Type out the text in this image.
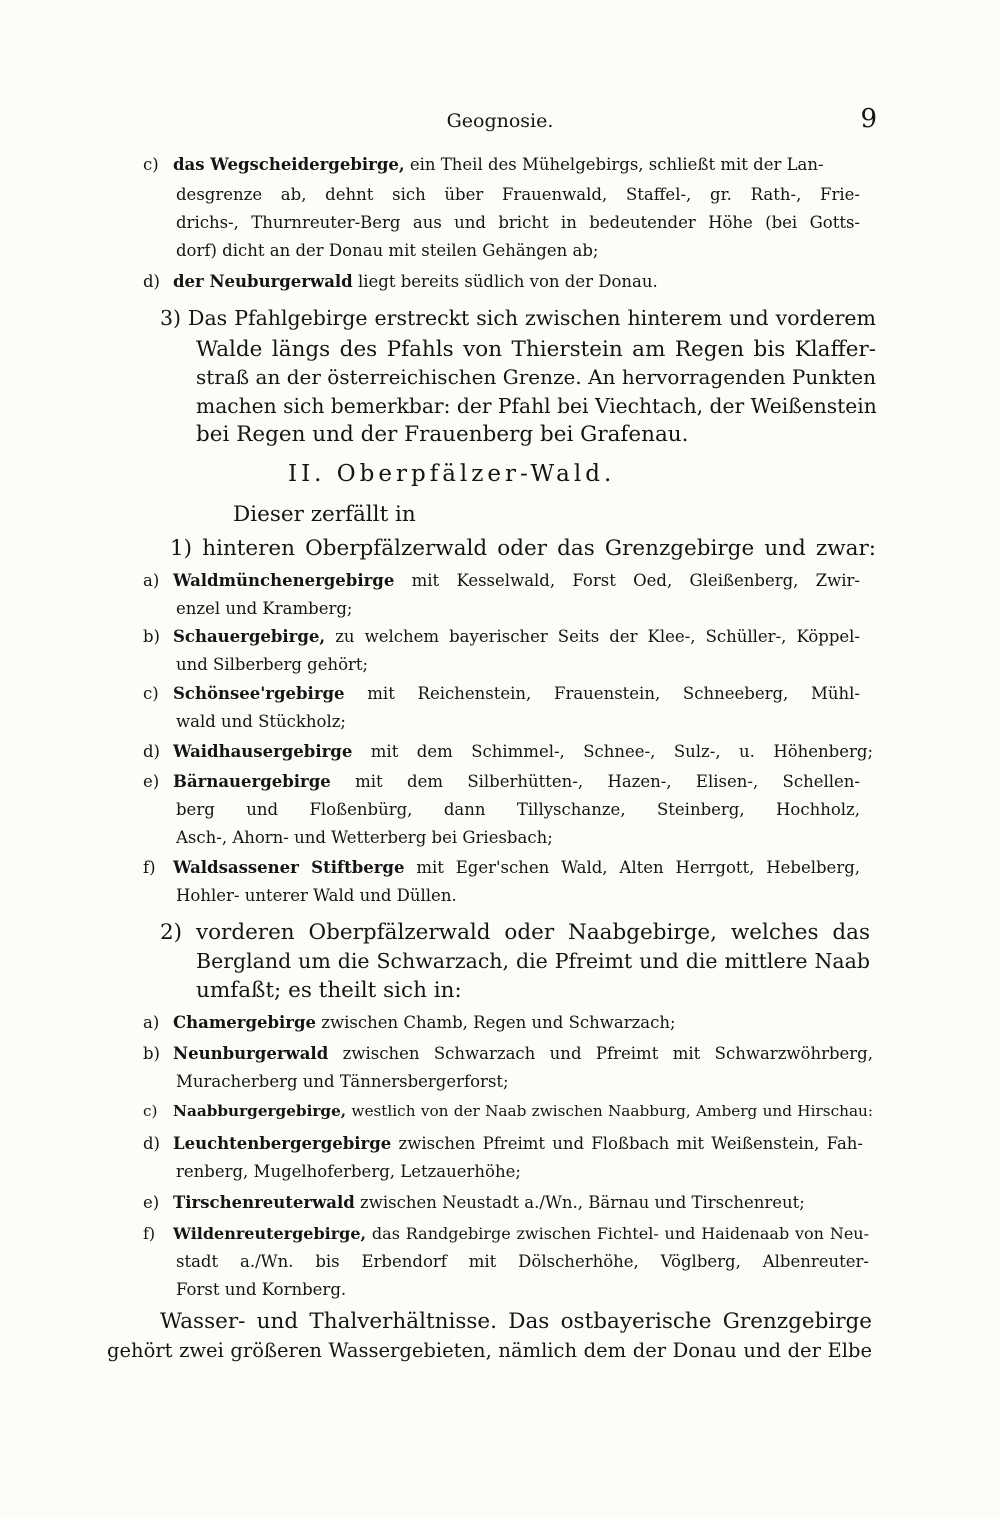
Geognosie.	9
c) das Wegscheidergebirge, ein Theil des Mühelgebirgs, schließt mit der Lan-
desgrenze ab, dehnt sich über Frauenwald, Staffel-, gr. Rath-, Frie-
drichs-, Thurnreuter-Berg aus und bricht in bedeutender Höhe (bei Gotts-
dorf) dicht an der Donau mit steilen Gehängen ab;
d) der Neuburgerwald liegt bereits südlich von der Donau.
3) Das Pfahlgebirge erstreckt sich zwischen hinterem und vorderem
Walde längs des Pfahls von Thierstein am Regen bis Klaffer-
straß an der österreichischen Grenze. An hervorragenden Punkten
machen sich bemerkbar: der Pfahl bei Viechtach, der Weißenstein
bei Regen und der Frauenberg bei Grafenau.
II. Oberpfälzer-Wald.
Dieser zerfällt in
1) hinteren Oberpfälzerwald oder das Grenzgebirge und zwar:
a) Waldmünchenergebirge mit Kesselwald, Forst Oed, Gleißenberg, Zwir-
enzel und Kramberg;
b) Schauergebirge, zu welchem bayerischer Seits der Klee-, Schüller-, Köppel-
und Silberberg gehört;
c) Schönsee'rgebirge mit Reichenstein, Frauenstein, Schneeberg, Mühl-
wald und Stückholz;
d) Waidhausergebirge mit dem Schimmel-, Schnee-, Sulz-, u. Höhenberg;
e) Bärnauergebirge mit dem Silberhütten-, Hazen-, Elisen-, Schellen-
berg und Floßenbürg, dann Tillyschanze, Steinberg, Hochholz,
Asch-, Ahorn- und Wetterberg bei Griesbach;
f) Waldsassener Stiftberge mit Eger'schen Wald, Alten Herrgott, Hebelberg,
Hohler- unterer Wald und Düllen.
2) vorderen Oberpfälzerwald oder Naabgebirge, welches das
Bergland um die Schwarzach, die Pfreimt und die mittlere Naab
umfaßt; es theilt sich in:
a) Chamergebirge zwischen Chamb, Regen und Schwarzach;
b) Neunburgerwald zwischen Schwarzach und Pfreimt mit Schwarzwöhrberg,
Muracherberg und Tännersbergerforst;
c) Naabburgergebirge, westlich von der Naab zwischen Naabburg, Amberg und Hirschau:
d) Leuchtenbergergebirge zwischen Pfreimt und Floßbach mit Weißenstein, Fah-
renberg, Mugelhoferberg, Letzauerhöhe;
e) Tirschenreuterwald zwischen Neustadt a./Wn., Bärnau und Tirschenreut;
f) Wildenreutergebirge, das Randgebirge zwischen Fichtel- und Haidenaab von Neu-
stadt a./Wn. bis Erbendorf mit Dölscherhöhe, Vöglberg, Albenreuter-
Forst und Kornberg.
Wasser- und Thalverhältnisse. Das ostbayerische Grenzgebirge
gehört zwei größeren Wassergebieten, nämlich dem der Donau und der Elbe
